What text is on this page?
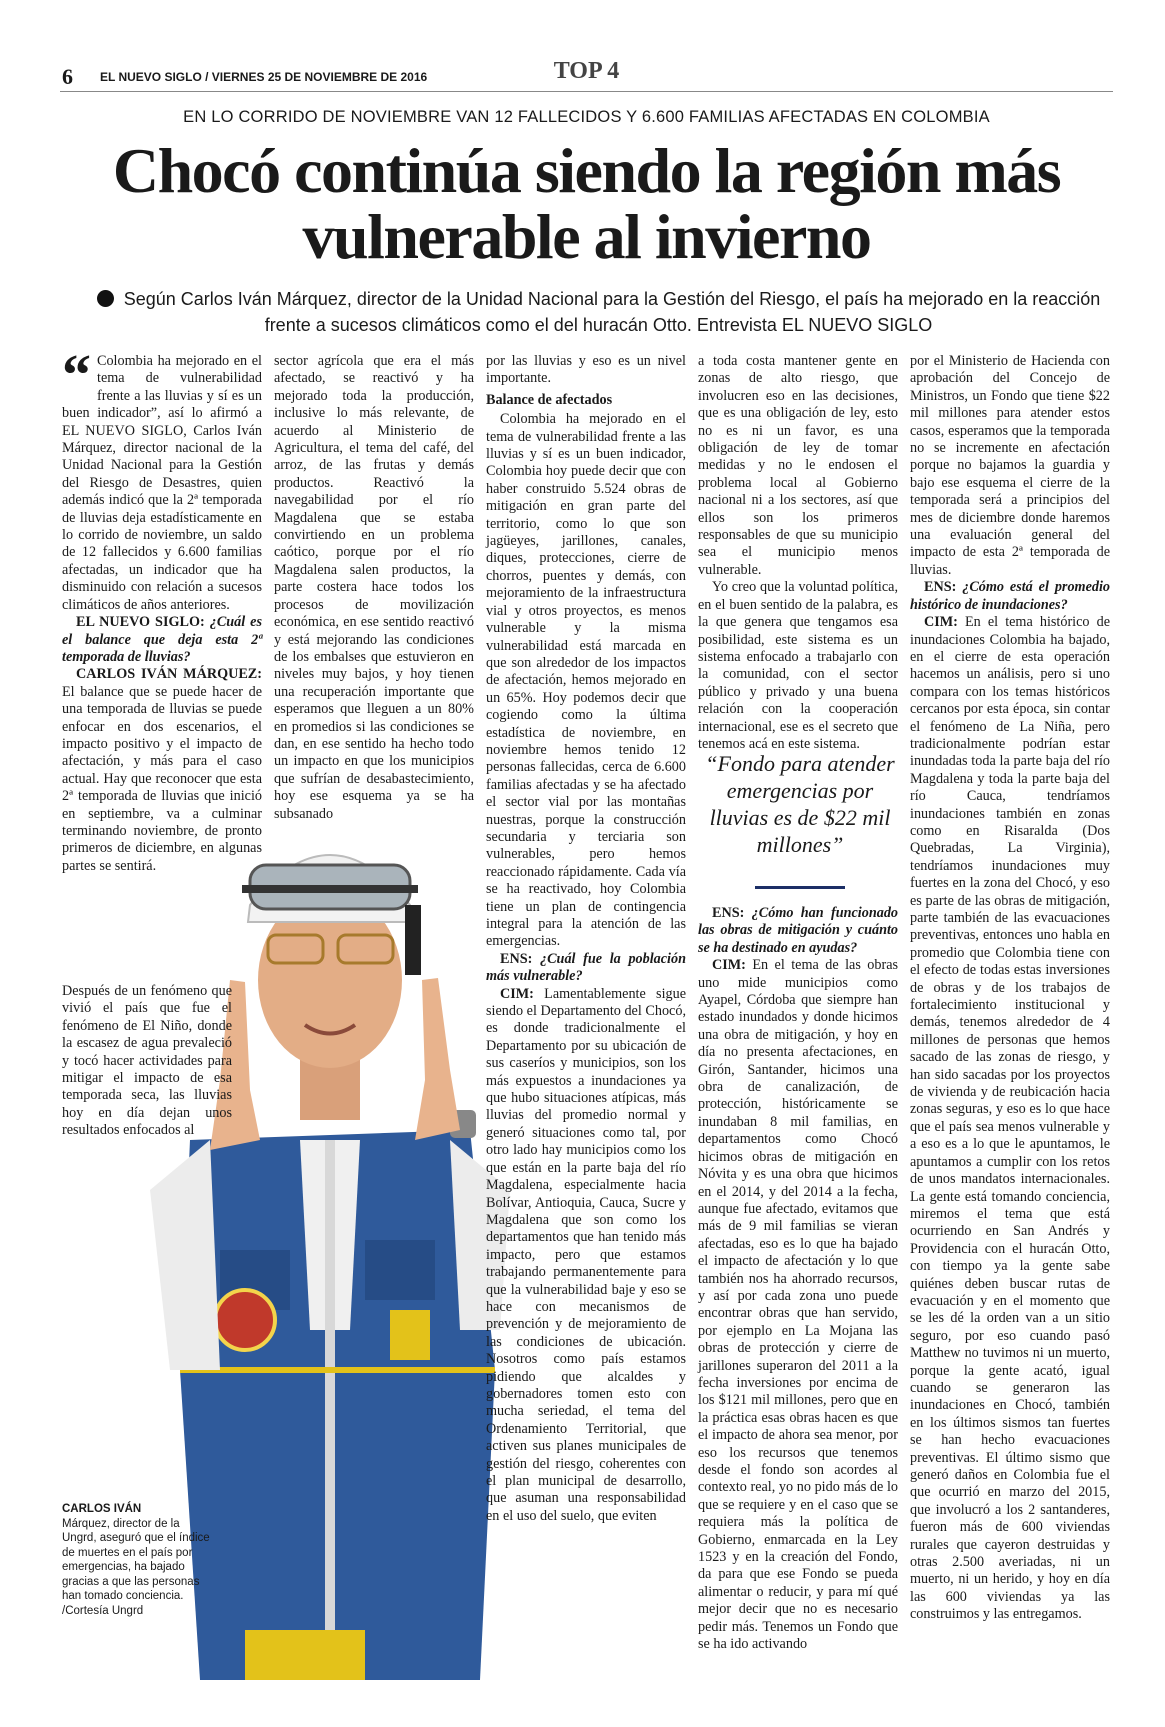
6 EL NUEVO SIGLO / VIERNES 25 DE NOVIEMBRE DE 2016	TOP 4
EN LO CORRIDO DE NOVIEMBRE VAN 12 FALLECIDOS Y 6.600 FAMILIAS AFECTADAS EN COLOMBIA
Chocó continúa siendo la región más vulnerable al invierno
Según Carlos Iván Márquez, director de la Unidad Nacional para la Gestión del Riesgo, el país ha mejorado en la reacción frente a sucesos climáticos como el del huracán Otto. Entrevista EL NUEVO SIGLO

“ Colombia ha mejorado en el tema de vulnerabilidad frente a las lluvias y sí es un buen indicador”, así lo afirmó a EL NUEVO SIGLO, Carlos Iván Márquez, director nacional de la Unidad Nacional para la Gestión del Riesgo de Desastres, quien además indicó que la 2ª temporada de lluvias deja estadísticamente en lo corrido de noviembre, un saldo de 12 fallecidos y 6.600 familias afectadas, un indicador que ha disminuido con relación a sucesos climáticos de años anteriores.

EL NUEVO SIGLO: ¿Cuál es el balance que deja esta 2ª temporada de lluvias?

CARLOS IVÁN MÁRQUEZ: El balance que se puede hacer de una temporada de lluvias se puede enfocar en dos escenarios, el impacto positivo y el impacto de afectación, y más para el caso actual. Hay que reconocer que esta 2ª temporada de lluvias que inició en septiembre, va a culminar terminando noviembre, de pronto primeros de diciembre, en algunas partes se sentirá.

Después de un fenómeno que vivió el país que fue el fenómeno de El Niño, donde la escasez de agua prevaleció y tocó hacer actividades para mitigar el impacto de esa temporada seca, las lluvias hoy en día dejan unos resultados enfocados al

CARLOS IVÁN
Márquez, director de la Ungrd, aseguró que el índice de muertes en el país por emergencias, ha bajado gracias a que las personas han tomado conciencia. /Cortesía Ungrd

sector agrícola que era el más afectado, se reactivó y ha mejorado toda la producción, inclusive lo más relevante, de acuerdo al Ministerio de Agricultura, el tema del café, del arroz, de las frutas y demás productos. Reactivó la navegabilidad por el río Magdalena que se estaba convirtiendo en un problema caótico, porque por el río Magdalena salen productos, la parte costera hace todos los procesos de movilización económica, en ese sentido reactivó y está mejorando las condiciones de los embalses que estuvieron en niveles muy bajos, y hoy tienen una recuperación importante que esperamos que lleguen a un 80% en promedios si las condiciones se dan, en ese sentido ha hecho todo un impacto en que los municipios que sufrían de desabastecimiento, hoy ese esquema ya se ha subsanado

por las lluvias y eso es un nivel importante.

Balance de afectados

Colombia ha mejorado en el tema de vulnerabilidad frente a las lluvias y sí es un buen indicador, Colombia hoy puede decir que con haber construido 5.524 obras de mitigación en gran parte del territorio, como lo que son jagüeyes, jarillones, canales, diques, protecciones, cierre de chorros, puentes y demás, con mejoramiento de la infraestructura vial y otros proyectos, es menos vulnerable y la misma vulnerabilidad está marcada en que son alrededor de los impactos de afectación, hemos mejorado en un 65%. Hoy podemos decir que cogiendo como la última estadística de noviembre, en noviembre hemos tenido 12 personas fallecidas, cerca de 6.600 familias afectadas y se ha afectado el sector vial por las montañas nuestras, porque la construcción secundaria y terciaria son vulnerables, pero hemos reaccionado rápidamente. Cada vía se ha reactivado, hoy Colombia tiene un plan de contingencia integral para la atención de las emergencias.

ENS: ¿Cuál fue la población más vulnerable?

CIM: Lamentablemente sigue siendo el Departamento del Chocó, es donde tradicionalmente el Departamento por su ubicación de sus caseríos y municipios, son los más expuestos a inundaciones ya que hubo situaciones atípicas, más lluvias del promedio normal y generó situaciones como tal, por otro lado hay municipios como los que están en la parte baja del río Magdalena, especialmente hacia Bolívar, Antioquia, Cauca, Sucre y Magdalena que son como los departamentos que han tenido más impacto, pero que estamos trabajando permanentemente para que la vulnerabilidad baje y eso se hace con mecanismos de prevención y de mejoramiento de las condiciones de ubicación. Nosotros como país estamos pidiendo que alcaldes y gobernadores tomen esto con mucha seriedad, el tema del Ordenamiento Territorial, que activen sus planes municipales de gestión del riesgo, coherentes con el plan municipal de desarrollo, que asuman una responsabilidad en el uso del suelo, que eviten

a toda costa mantener gente en zonas de alto riesgo, que involucren eso en las decisiones, que es una obligación de ley, esto no es ni un favor, es una obligación de ley de tomar medidas y no le endosen el problema local al Gobierno nacional ni a los sectores, así que ellos son los primeros responsables de que su municipio sea el municipio menos vulnerable.

Yo creo que la voluntad política, en el buen sentido de la palabra, es la que genera que tengamos esa posibilidad, este sistema es un sistema enfocado a trabajarlo con la comunidad, con el sector público y privado y una buena relación con la cooperación internacional, ese es el secreto que tenemos acá en este sistema.

“Fondo para atender emergencias por lluvias es de $22 mil millones”

ENS: ¿Cómo han funcionado las obras de mitigación y cuánto se ha destinado en ayudas?

CIM: En el tema de las obras uno mide municipios como Ayapel, Córdoba que siempre han estado inundados y donde hicimos una obra de mitigación, y hoy en día no presenta afectaciones, en Girón, Santander, hicimos una obra de canalización, de protección, históricamente se inundaban 8 mil familias, en departamentos como Chocó hicimos obras de mitigación en Nóvita y es una obra que hicimos en el 2014, y del 2014 a la fecha, aunque fue afectado, evitamos que más de 9 mil familias se vieran afectadas, eso es lo que ha bajado el impacto de afectación y lo que también nos ha ahorrado recursos, y así por cada zona uno puede encontrar obras que han servido, por ejemplo en La Mojana las obras de protección y cierre de jarillones superaron del 2011 a la fecha inversiones por encima de los $121 mil millones, pero que en la práctica esas obras hacen es que el impacto de ahora sea menor, por eso los recursos que tenemos desde el fondo son acordes al contexto real, yo no pido más de lo que se requiere y en el caso que se requiera más la política de Gobierno, enmarcada en la Ley 1523 y en la creación del Fondo, da para que ese Fondo se pueda alimentar o reducir, y para mí qué mejor decir que no es necesario pedir más. Tenemos un Fondo que se ha ido activando

por el Ministerio de Hacienda con aprobación del Concejo de Ministros, un Fondo que tiene $22 mil millones para atender estos casos, esperamos que la temporada no se incremente en afectación porque no bajamos la guardia y bajo ese esquema el cierre de la temporada será a principios del mes de diciembre donde haremos una evaluación general del impacto de esta 2ª temporada de lluvias.

ENS: ¿Cómo está el promedio histórico de inundaciones?

CIM: En el tema histórico de inundaciones Colombia ha bajado, en el cierre de esta operación hacemos un análisis, pero si uno compara con los temas históricos cercanos por esta época, sin contar el fenómeno de La Niña, pero tradicionalmente podrían estar inundadas toda la parte baja del río Magdalena y toda la parte baja del río Cauca, tendríamos inundaciones también en zonas como en Risaralda (Dos Quebradas, La Virginia), tendríamos inundaciones muy fuertes en la zona del Chocó, y eso es parte de las obras de mitigación, parte también de las evacuaciones preventivas, entonces uno habla en promedio que Colombia tiene con el efecto de todas estas inversiones de obras y de los trabajos de fortalecimiento institucional y demás, tenemos alrededor de 4 millones de personas que hemos sacado de las zonas de riesgo, y han sido sacadas por los proyectos de vivienda y de reubicación hacia zonas seguras, y eso es lo que hace que el país sea menos vulnerable y a eso es a lo que le apuntamos, le apuntamos a cumplir con los retos de unos mandatos internacionales. La gente está tomando conciencia, miremos el tema que está ocurriendo en San Andrés y Providencia con el huracán Otto, con tiempo ya la gente sabe quiénes deben buscar rutas de evacuación y en el momento que se les dé la orden van a un sitio seguro, por eso cuando pasó Matthew no tuvimos ni un muerto, porque la gente acató, igual cuando se generaron las inundaciones en Chocó, también en los últimos sismos tan fuertes se han hecho evacuaciones preventivas. El último sismo que generó daños en Colombia fue el que ocurrió en marzo del 2015, que involucró a los 2 santanderes, fueron más de 600 viviendas rurales que cayeron destruidas y otras 2.500 averiadas, ni un muerto, ni un herido, y hoy en día las 600 viviendas ya las construimos y las entregamos.
